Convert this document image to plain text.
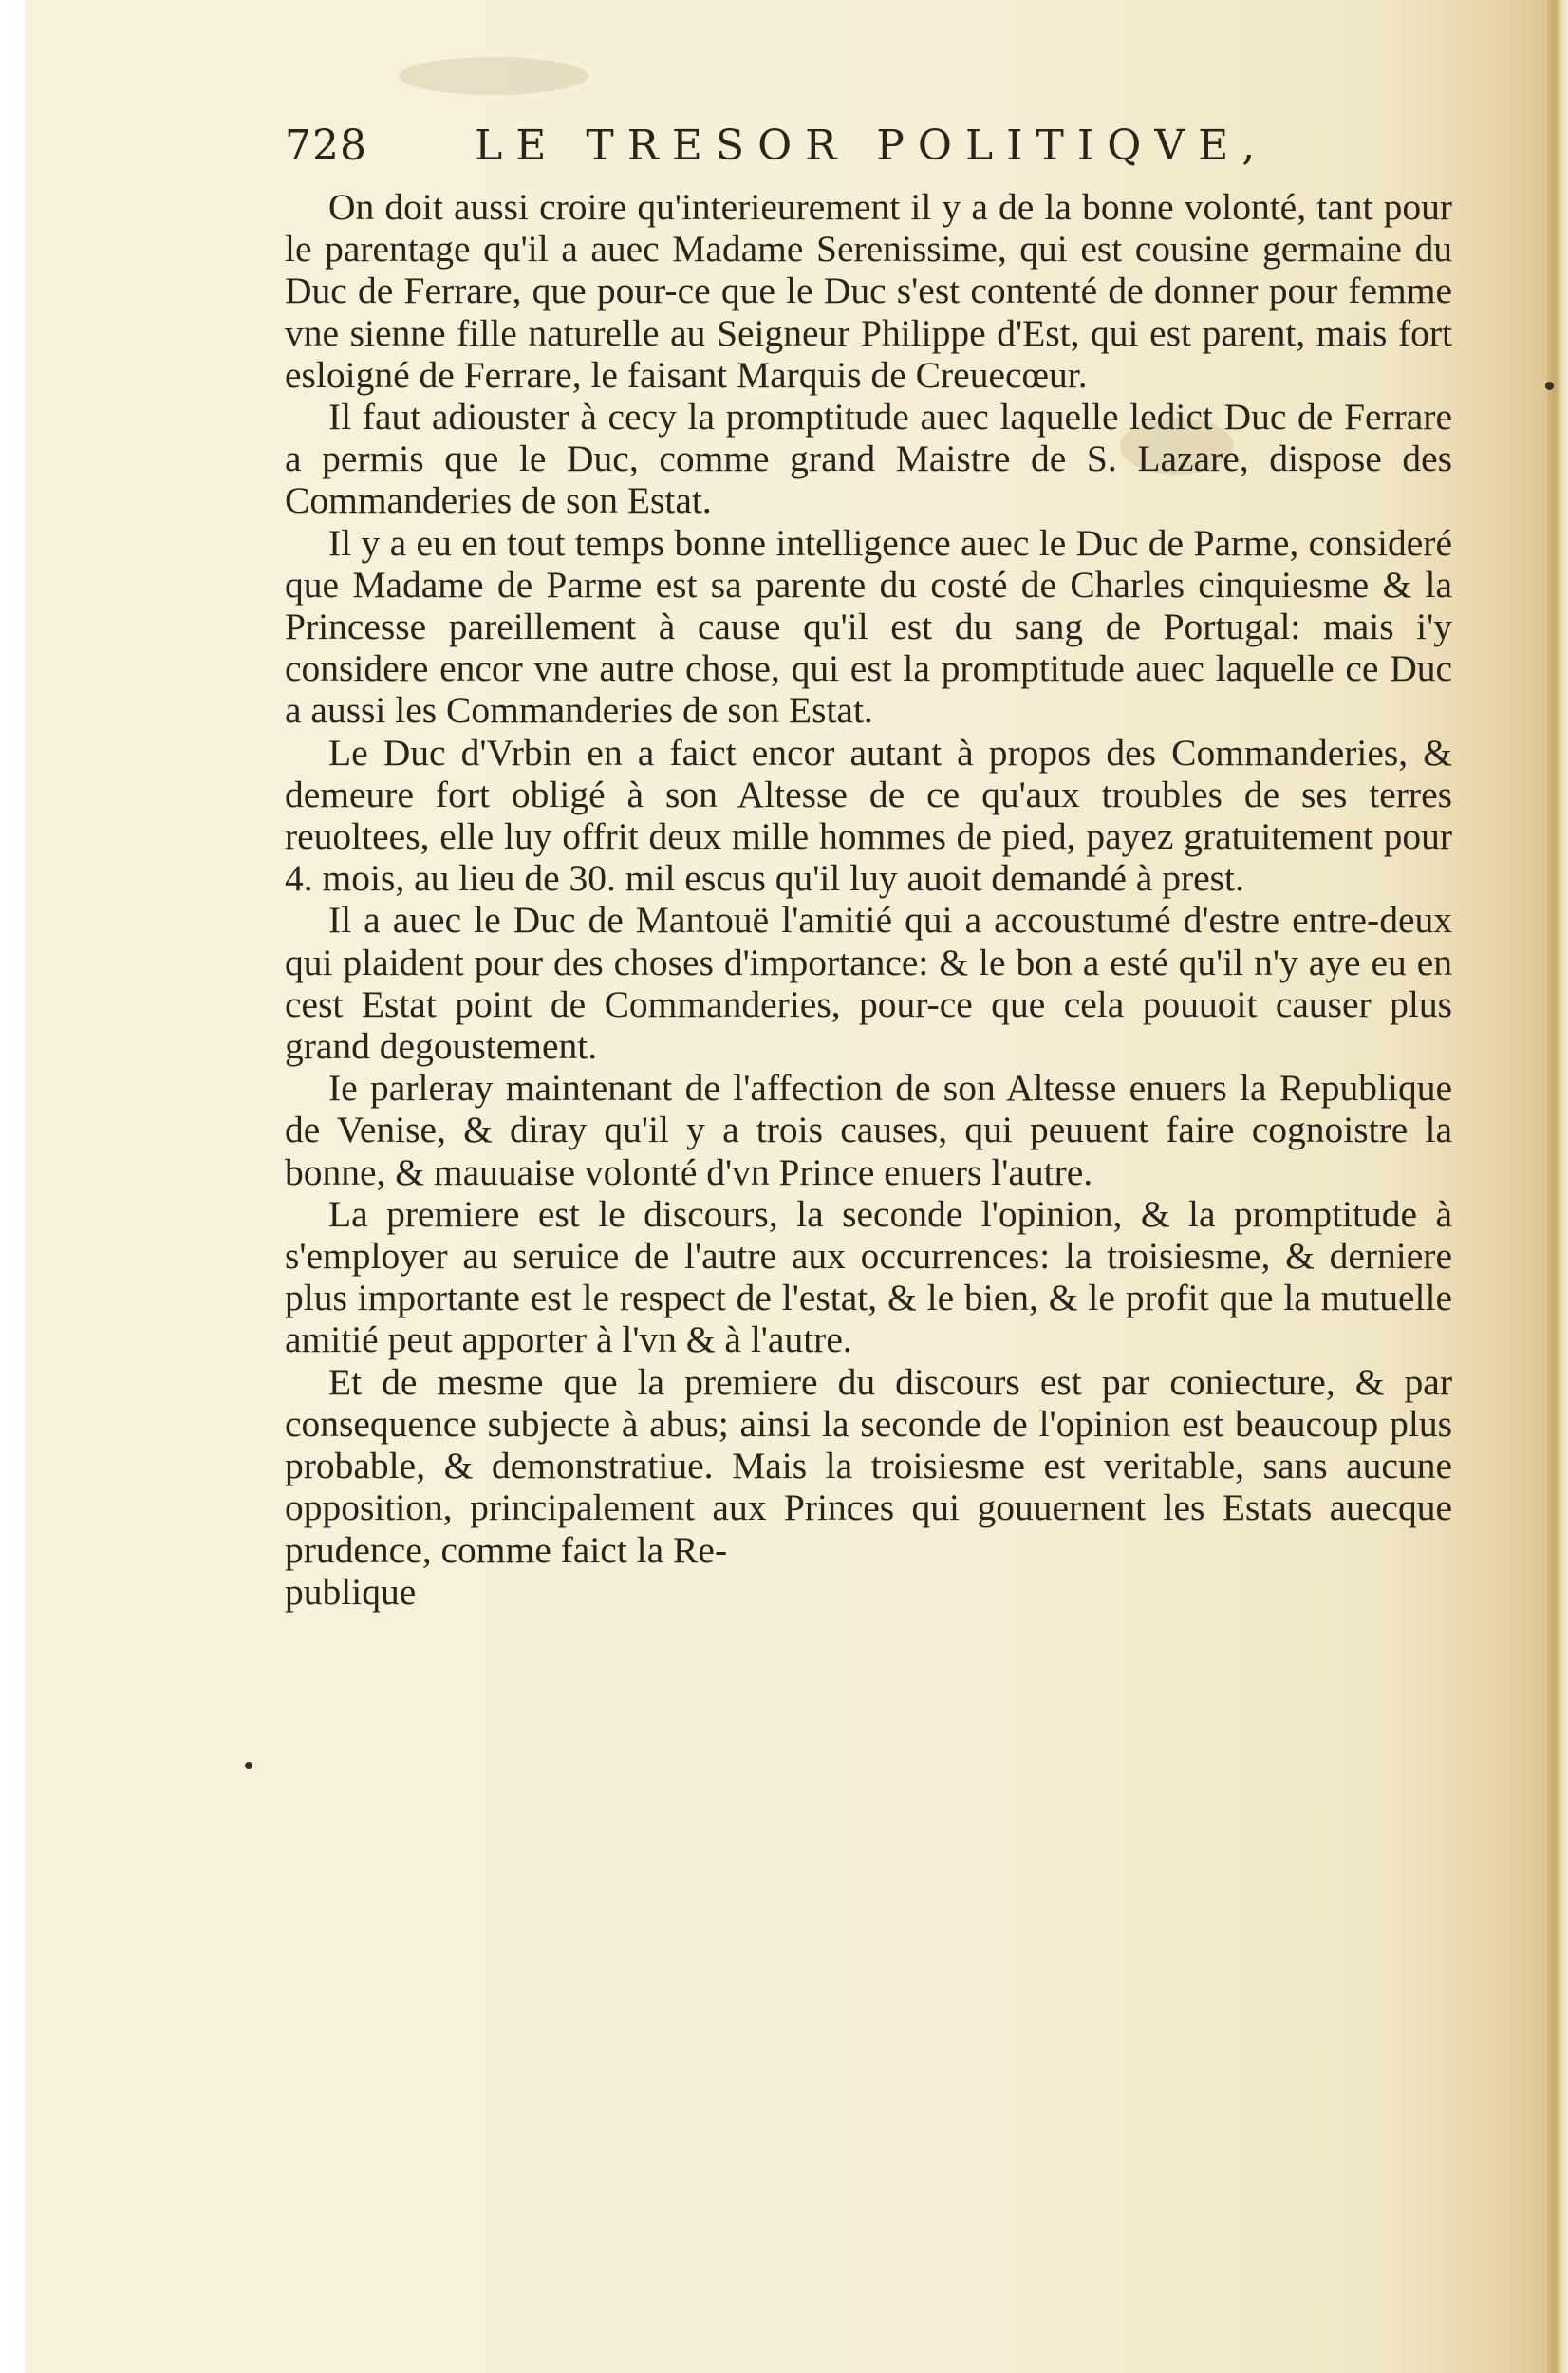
728	LE TRESOR POLITIQVE,

On doit aussi croire qu'interieurement il y a de la bonne volonté, tant pour le parentage qu'il a auec Madame Serenissime, qui est cousine germaine du Duc de Ferrare, que pour-ce que le Duc s'est contenté de donner pour femme vne sienne fille naturelle au Seigneur Philippe d'Est, qui est parent, mais fort esloigné de Ferrare, le faisant Marquis de Creuecœur.

Il faut adiouster à cecy la promptitude auec laquelle ledict Duc de Ferrare a permis que le Duc, comme grand Maistre de S. Lazare, dispose des Commanderies de son Estat.

Il y a eu en tout temps bonne intelligence auec le Duc de Parme, consideré que Madame de Parme est sa parente du costé de Charles cinquiesme & la Princesse pareillement à cause qu'il est du sang de Portugal: mais i'y considere encor vne autre chose, qui est la promptitude auec laquelle ce Duc a aussi les Commanderies de son Estat.

Le Duc d'Vrbin en a faict encor autant à propos des Commanderies, & demeure fort obligé à son Altesse de ce qu'aux troubles de ses terres reuoltees, elle luy offrit deux mille hommes de pied, payez gratuitement pour 4. mois, au lieu de 30. mil escus qu'il luy auoit demandé à prest.

Il a auec le Duc de Mantouë l'amitié qui a accoustumé d'estre entre-deux qui plaident pour des choses d'importance: & le bon a esté qu'il n'y aye eu en cest Estat point de Commanderies, pour-ce que cela pouuoit causer plus grand degoustement.

Ie parleray maintenant de l'affection de son Altesse enuers la Republique de Venise, & diray qu'il y a trois causes, qui peuuent faire cognoistre la bonne, & mauuaise volonté d'vn Prince enuers l'autre.

La premiere est le discours, la seconde l'opinion, & la promptitude à s'employer au seruice de l'autre aux occurrences: la troisiesme, & derniere plus importante est le respect de l'estat, & le bien, & le profit que la mutuelle amitié peut apporter à l'vn & à l'autre.

Et de mesme que la premiere du discours est par coniecture, & par consequence subjecte à abus; ainsi la seconde de l'opinion est beaucoup plus probable, & demonstratiue. Mais la troisiesme est veritable, sans aucune opposition, principalement aux Princes qui gouuernent les Estats auecque prudence, comme faict la Re-

publique
